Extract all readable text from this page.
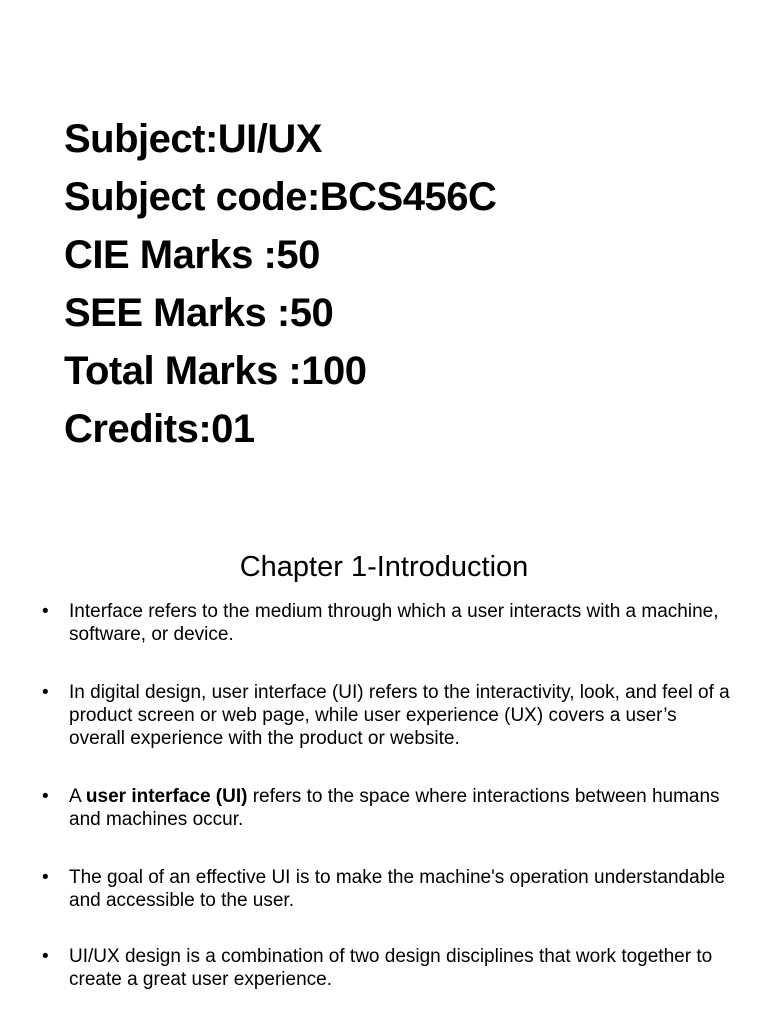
Subject:UI/UX
Subject code:BCS456C
CIE Marks :50
SEE Marks :50
Total Marks :100
Credits:01
Chapter 1-Introduction
• Interface refers to the medium through which a user interacts with a machine, software, or device.
• In digital design, user interface (UI) refers to the interactivity, look, and feel of a product screen or web page, while user experience (UX) covers a user’s overall experience with the product or website.
• A user interface (UI) refers to the space where interactions between humans and machines occur.
• The goal of an effective UI is to make the machine's operation understandable and accessible to the user.
• UI/UX design is a combination of two design disciplines that work together to create a great user experience.
